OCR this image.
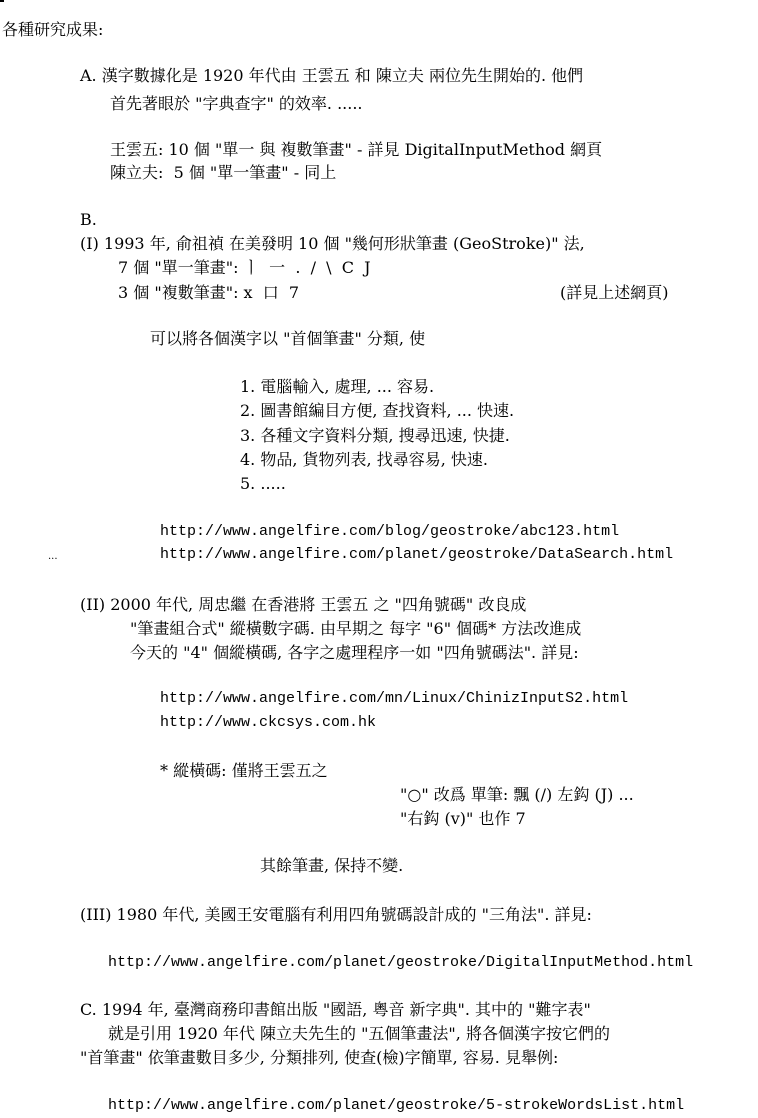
各種研究成果:

A. 漢字數據化是 1920 年代由 王雲五 和 陳立夫 兩位先生開始的. 他們

首先著眼於 "字典查字" 的效率. .....

王雲五: 10 個 "單一 與 複數筆畫" - 詳見 DigitalInputMethod 網頁

陳立夫:  5 個 "單一筆畫" - 同上

B.

(I) 1993 年, 俞祖禎 在美發明 10 個 "幾何形狀筆畫 (GeoStroke)" 法,

7 個 "單一筆畫": ㅣ  一  .  /  \  C  J

3 個 "複數筆畫": x  口  7	(詳見上述網頁)

可以將各個漢字以 "首個筆畫" 分類, 使

1. 電腦輸入, 處理, ... 容易.

2. 圖書館編目方便, 查找資料, ... 快速.

3. 各種文字資料分類, 搜尋迅速, 快捷.

4. 物品, 貨物列表, 找尋容易, 快速.

5. .....

http://www.angelfire.com/blog/geostroke/abc123.html

http://www.angelfire.com/planet/geostroke/DataSearch.html

...

(II) 2000 年代, 周忠繼 在香港將 王雲五 之 "四角號碼" 改良成

"筆畫組合式" 縱橫數字碼. 由早期之 每字 "6" 個碼* 方法改進成

今天的 "4" 個縱橫碼, 各字之處理程序一如 "四角號碼法". 詳見:

http://www.angelfire.com/mn/Linux/ChinizInputS2.html

http://www.ckcsys.com.hk

* 縱橫碼: 僅將王雲五之

"○" 改爲 單筆: 飄 (/) 左鈎 (J) ...

"右鈎 (v)" 也作 7

其餘筆畫, 保持不變.

(III) 1980 年代, 美國王安電腦有利用四角號碼設計成的 "三角法". 詳見:

http://www.angelfire.com/planet/geostroke/DigitalInputMethod.html

C. 1994 年, 臺灣商務印書館出版 "國語, 粵音 新字典". 其中的 "難字表"

就是引用 1920 年代 陳立夫先生的 "五個筆畫法", 將各個漢字按它們的

"首筆畫" 依筆畫數目多少, 分類排列, 使查(檢)字簡單, 容易. 見舉例:

http://www.angelfire.com/planet/geostroke/5-strokeWordsList.html
